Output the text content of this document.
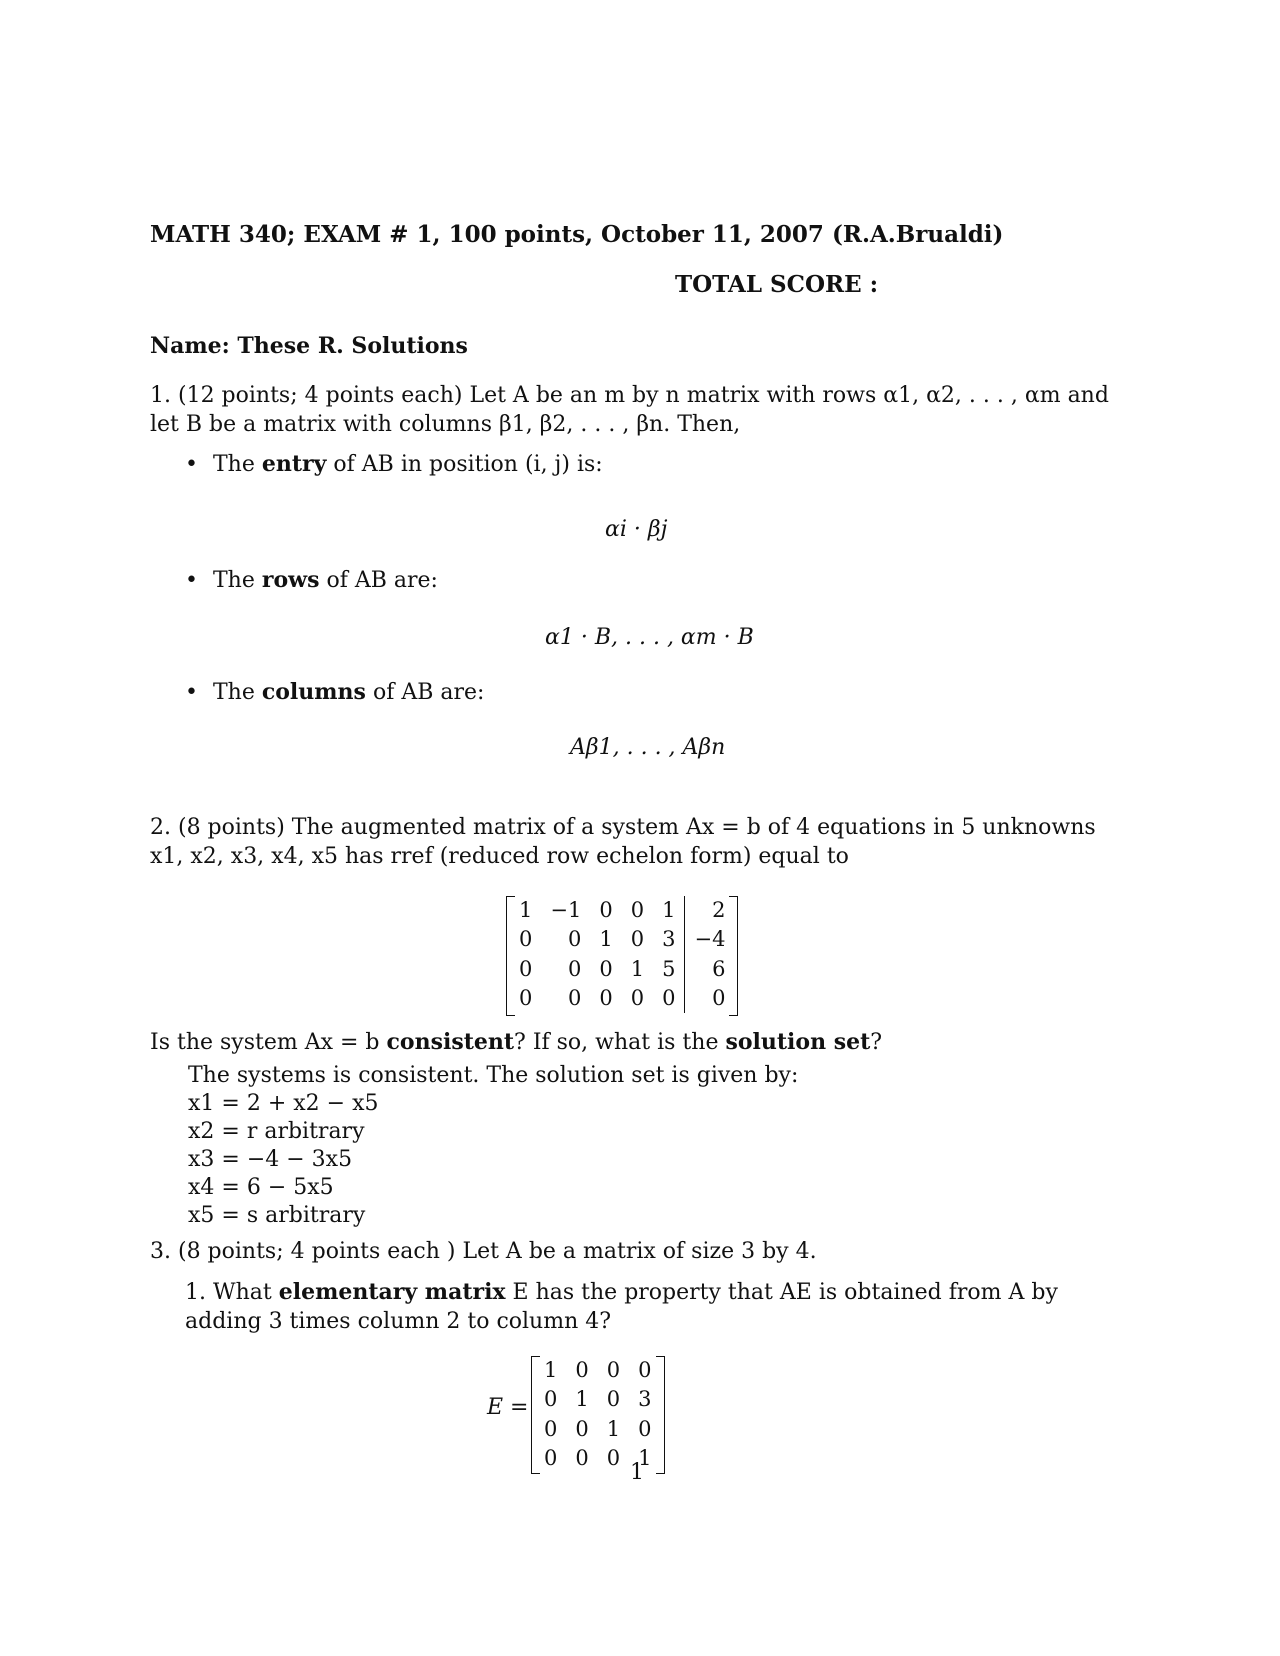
MATH 340; EXAM # 1, 100 points, October 11, 2007 (R.A.Brualdi)
TOTAL SCORE :
Name: These R. Solutions
1. (12 points; 4 points each) Let A be an m by n matrix with rows α1, α2, . . . , αm and let B be a matrix with columns β1, β2, . . . , βn. Then,
• The entry of AB in position (i, j) is:
αi · βj
• The rows of AB are:
α1 · B, . . . , αm · B
• The columns of AB are:
Aβ1, . . . , Aβn
2. (8 points) The augmented matrix of a system Ax = b of 4 equations in 5 unknowns x1, x2, x3, x4, x5 has rref (reduced row echelon form) equal to
1	−1	0	0	1	2
0	0	1	0	3	−4
0	0	0	1	5	6
0	0	0	0	0	0
Is the system Ax = b consistent? If so, what is the solution set?
The systems is consistent. The solution set is given by:
x1 = 2 + x2 − x5
x2 = r arbitrary
x3 = −4 − 3x5
x4 = 6 − 5x5
x5 = s arbitrary
3. (8 points; 4 points each ) Let A be a matrix of size 3 by 4.
1. What elementary matrix E has the property that AE is obtained from A by adding 3 times column 2 to column 4?
E =
1	0	0	0
0	1	0	3
0	0	1	0
0	0	0	1
1
